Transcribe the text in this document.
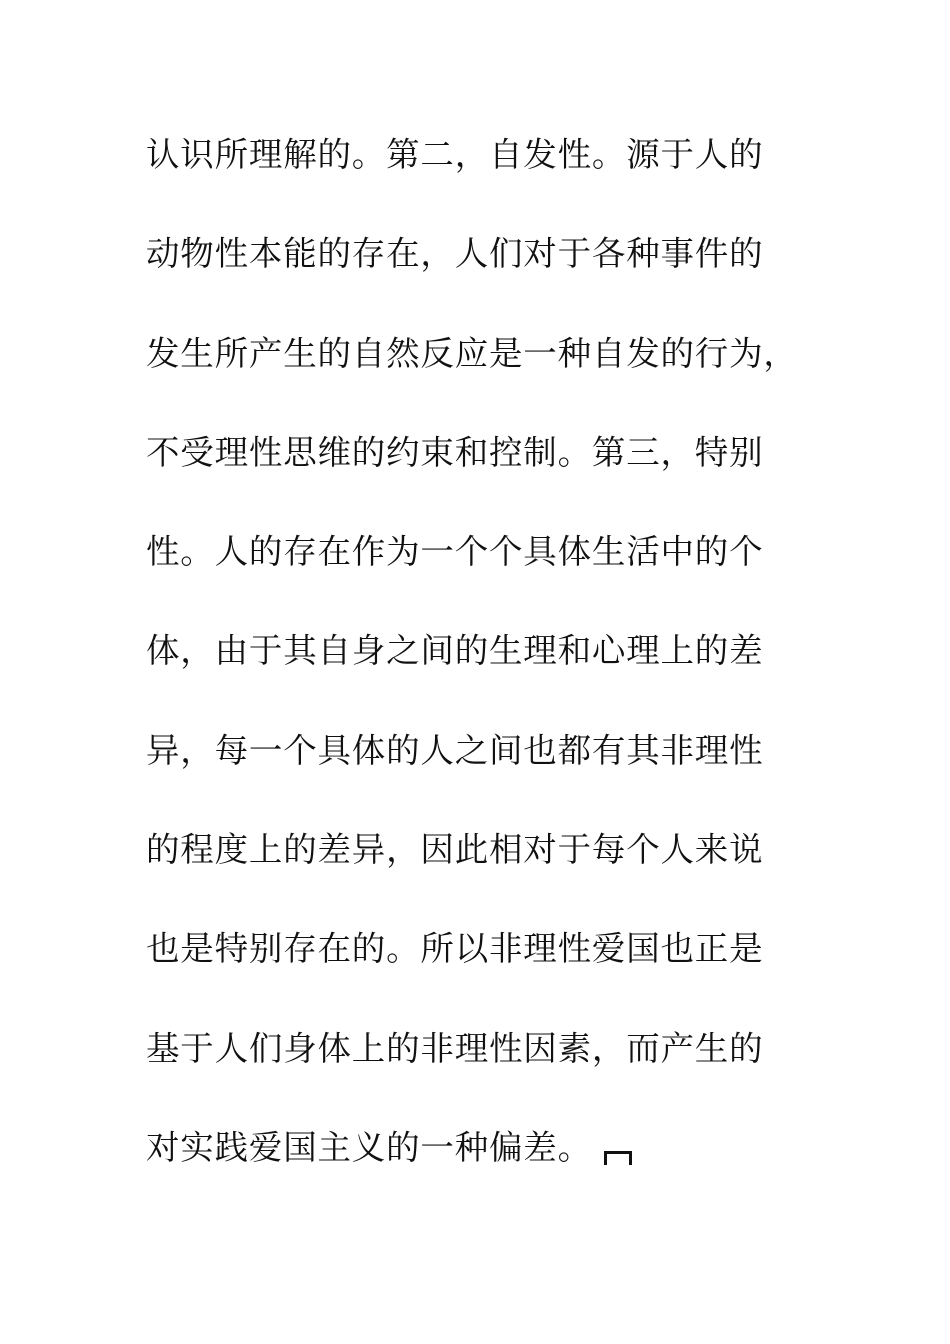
认识所理解的。第二，自发性。源于人的
动物性本能的存在，人们对于各种事件的
发生所产生的自然反应是一种自发的行为，
不受理性思维的约束和控制。第三，特别
性。人的存在作为一个个具体生活中的个
体，由于其自身之间的生理和心理上的差
异，每一个具体的人之间也都有其非理性
的程度上的差异，因此相对于每个人来说
也是特别存在的。所以非理性爱国也正是
基于人们身体上的非理性因素，而产生的
对实践爱国主义的一种偏差。
